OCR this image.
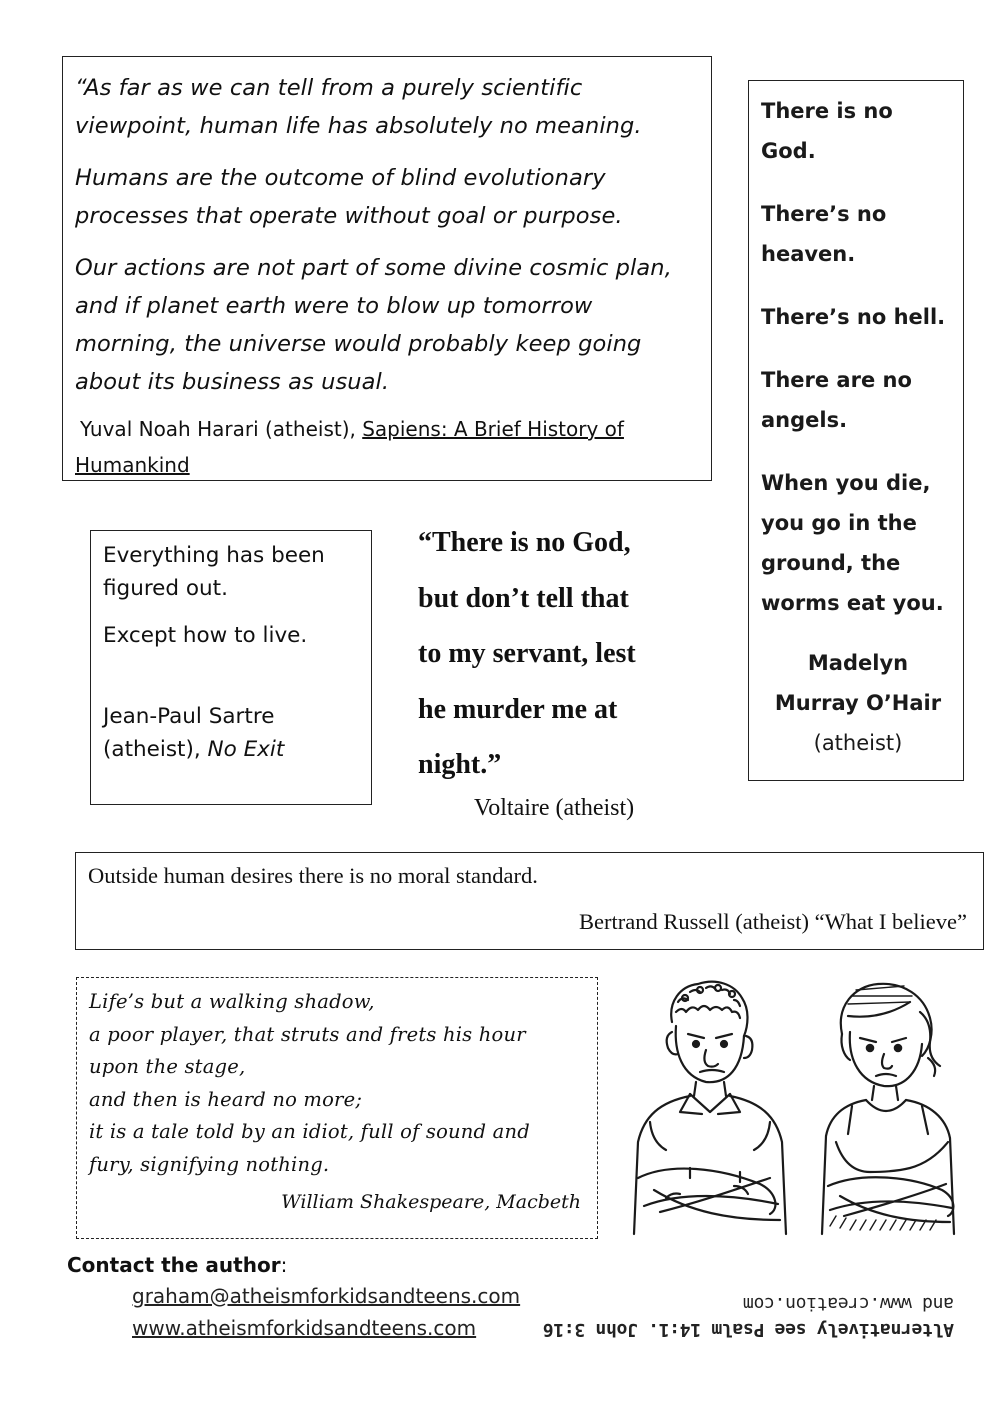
“As far as we can tell from a purely scientific
viewpoint, human life has absolutely no meaning.

Humans are the outcome of blind evolutionary
processes that operate without goal or purpose.

Our actions are not part of some divine cosmic plan,
and if planet earth were to blow up tomorrow
morning, the universe would probably keep going
about its business as usual.

Yuval Noah Harari (atheist), Sapiens: A Brief History of
Humankind

There is no
God.

There’s no
heaven.

There’s no hell.

There are no
angels.

When you die,
you go in the
ground, the
worms eat you.

Madelyn
Murray O’Hair
(atheist)

Everything has been
figured out.

Except how to live.

Jean-Paul Sartre
(atheist), No Exit

“There is no God,
but don’t tell that
to my servant, lest
he murder me at
night.”

Voltaire (atheist)

Outside human desires there is no moral standard.

Bertrand Russell (atheist) “What I believe”

Life’s but a walking shadow,

a poor player, that struts and frets his hour

upon the stage,

and then is heard no more;

it is a tale told by an idiot, full of sound and

fury, signifying nothing.

William Shakespeare, Macbeth

Contact the author:
graham@atheismforkidsandteens.com
www.atheismforkidsandteens.com	Alternatively see Psalm 14:1. John 3:16
and www.creation.com
